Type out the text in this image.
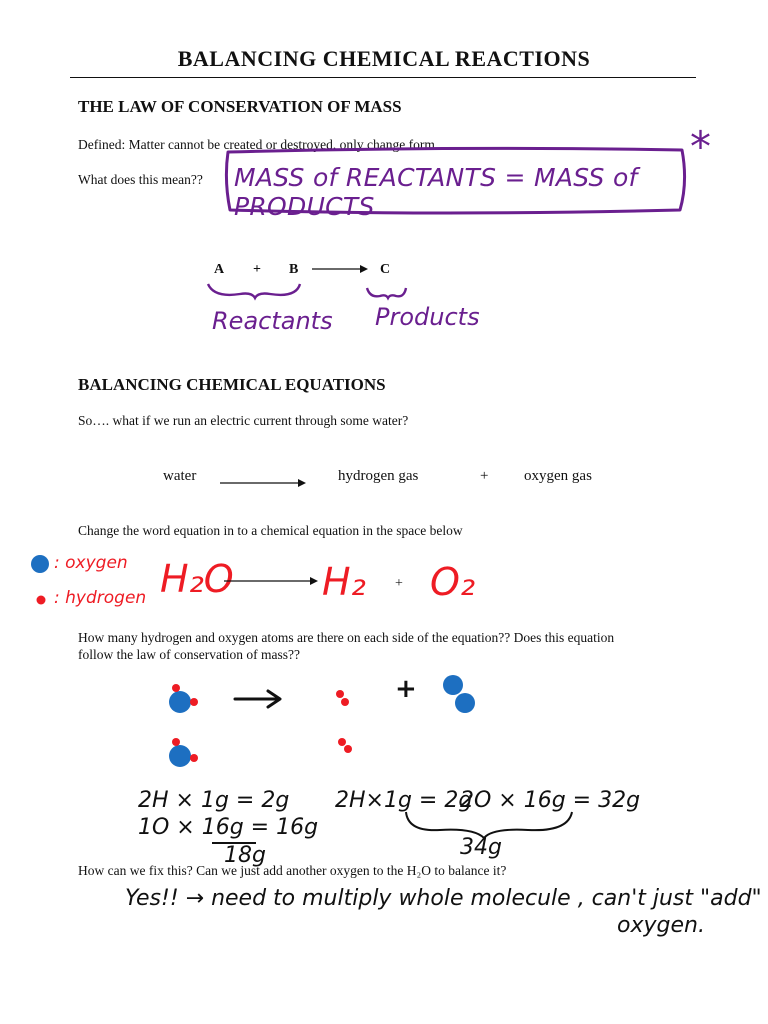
BALANCING CHEMICAL REACTIONS
THE LAW OF CONSERVATION OF MASS
Defined: Matter cannot be created or destroyed, only change form.
What does this mean?? MASS of REACTANTS = MASS of PRODUCTS
*
A + B	C
Reactants Products
BALANCING CHEMICAL EQUATIONS
So…. what if we run an electric current through some water?
water	hydrogen gas	+ oxygen gas
Change the word equation in to a chemical equation in the space below
: oxygen
: hydrogen H₂O H₂ + O₂
How many hydrogen and oxygen atoms are there on each side of the equation?? Does this equation
follow the law of conservation of mass??
+
2H × 1g = 2g
1O × 16g = 16g
18g
2H×1g = 2g
2O × 16g = 32g
34g
How can we fix this? Can we just add another oxygen to the H₂O to balance it?
Yes!! → need to multiply whole molecule , can't just "add"
oxygen.
